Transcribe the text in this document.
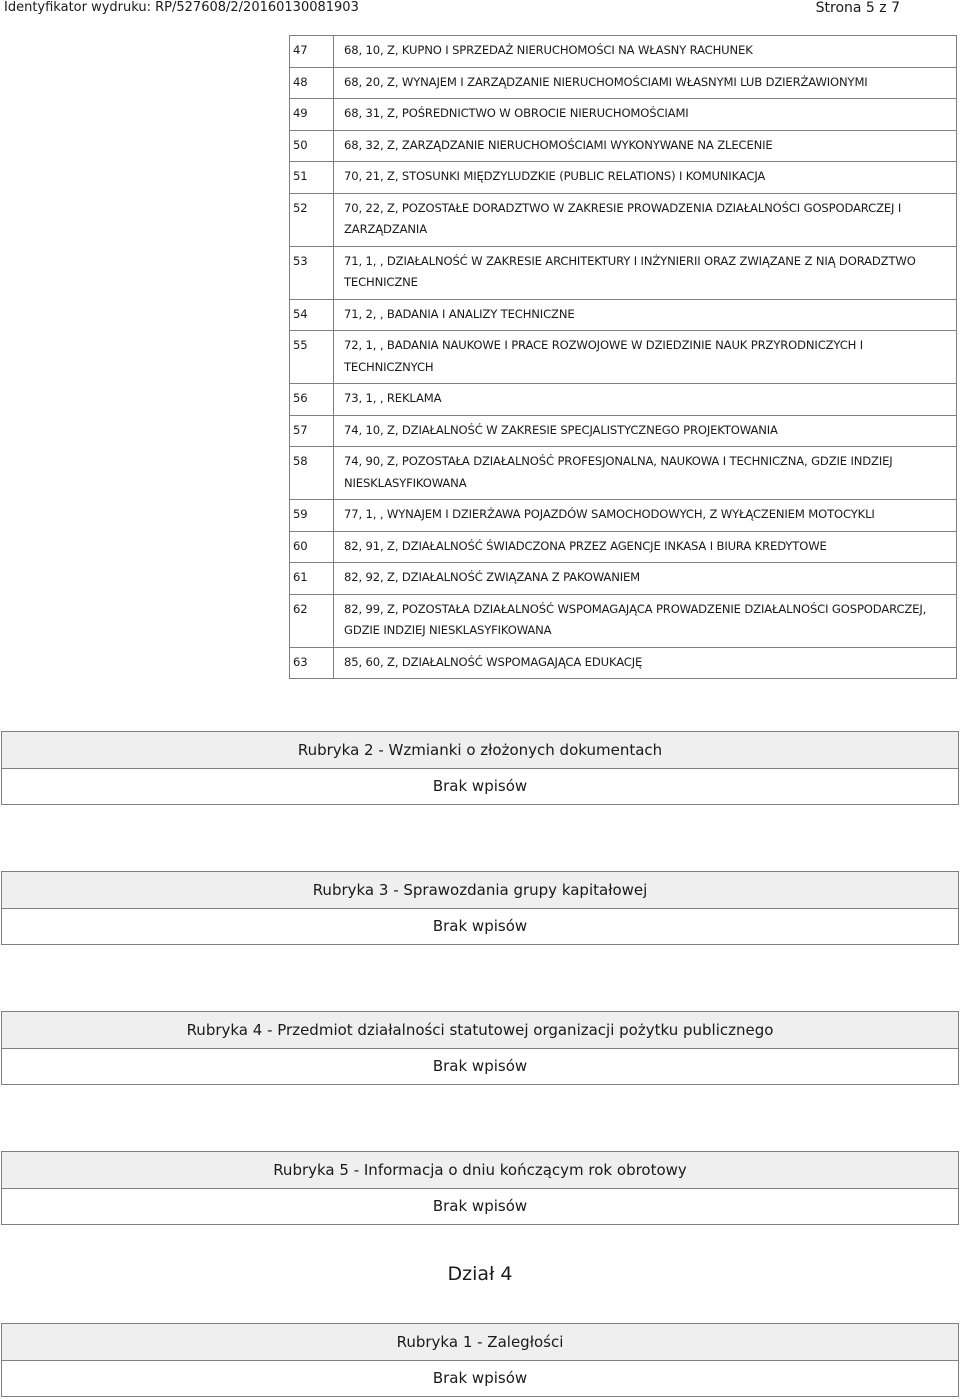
Identyfikator wydruku: RP/527608/2/20160130081903	Strona 5 z 7
47	68, 10, Z, KUPNO I SPRZEDAŻ NIERUCHOMOŚCI NA WŁASNY RACHUNEK
48	68, 20, Z, WYNAJEM I ZARZĄDZANIE NIERUCHOMOŚCIAMI WŁASNYMI LUB DZIERŻAWIONYMI
49	68, 31, Z, POŚREDNICTWO W OBROCIE NIERUCHOMOŚCIAMI
50	68, 32, Z, ZARZĄDZANIE NIERUCHOMOŚCIAMI WYKONYWANE NA ZLECENIE
51	70, 21, Z, STOSUNKI MIĘDZYLUDZKIE (PUBLIC RELATIONS) I KOMUNIKACJA
52	70, 22, Z, POZOSTAŁE DORADZTWO W ZAKRESIE PROWADZENIA DZIAŁALNOŚCI GOSPODARCZEJ I ZARZĄDZANIA
53	71, 1, , DZIAŁALNOŚĆ W ZAKRESIE ARCHITEKTURY I INŻYNIERII ORAZ ZWIĄZANE Z NIĄ DORADZTWO TECHNICZNE
54	71, 2, , BADANIA I ANALIZY TECHNICZNE
55	72, 1, , BADANIA NAUKOWE I PRACE ROZWOJOWE W DZIEDZINIE NAUK PRZYRODNICZYCH I TECHNICZNYCH
56	73, 1, , REKLAMA
57	74, 10, Z, DZIAŁALNOŚĆ W ZAKRESIE SPECJALISTYCZNEGO PROJEKTOWANIA
58	74, 90, Z, POZOSTAŁA DZIAŁALNOŚĆ PROFESJONALNA, NAUKOWA I TECHNICZNA, GDZIE INDZIEJ NIESKLASYFIKOWANA
59	77, 1, , WYNAJEM I DZIERŻAWA POJAZDÓW SAMOCHODOWYCH, Z WYŁĄCZENIEM MOTOCYKLI
60	82, 91, Z, DZIAŁALNOŚĆ ŚWIADCZONA PRZEZ AGENCJE INKASA I BIURA KREDYTOWE
61	82, 92, Z, DZIAŁALNOŚĆ ZWIĄZANA Z PAKOWANIEM
62	82, 99, Z, POZOSTAŁA DZIAŁALNOŚĆ WSPOMAGAJĄCA PROWADZENIE DZIAŁALNOŚCI GOSPODARCZEJ, GDZIE INDZIEJ NIESKLASYFIKOWANA
63	85, 60, Z, DZIAŁALNOŚĆ WSPOMAGAJĄCA EDUKACJĘ
Rubryka 2 - Wzmianki o złożonych dokumentach
Brak wpisów
Rubryka 3 - Sprawozdania grupy kapitałowej
Brak wpisów
Rubryka 4 - Przedmiot działalności statutowej organizacji pożytku publicznego
Brak wpisów
Rubryka 5 - Informacja o dniu kończącym rok obrotowy
Brak wpisów
Dział 4
Rubryka 1 - Zaległości
Brak wpisów
